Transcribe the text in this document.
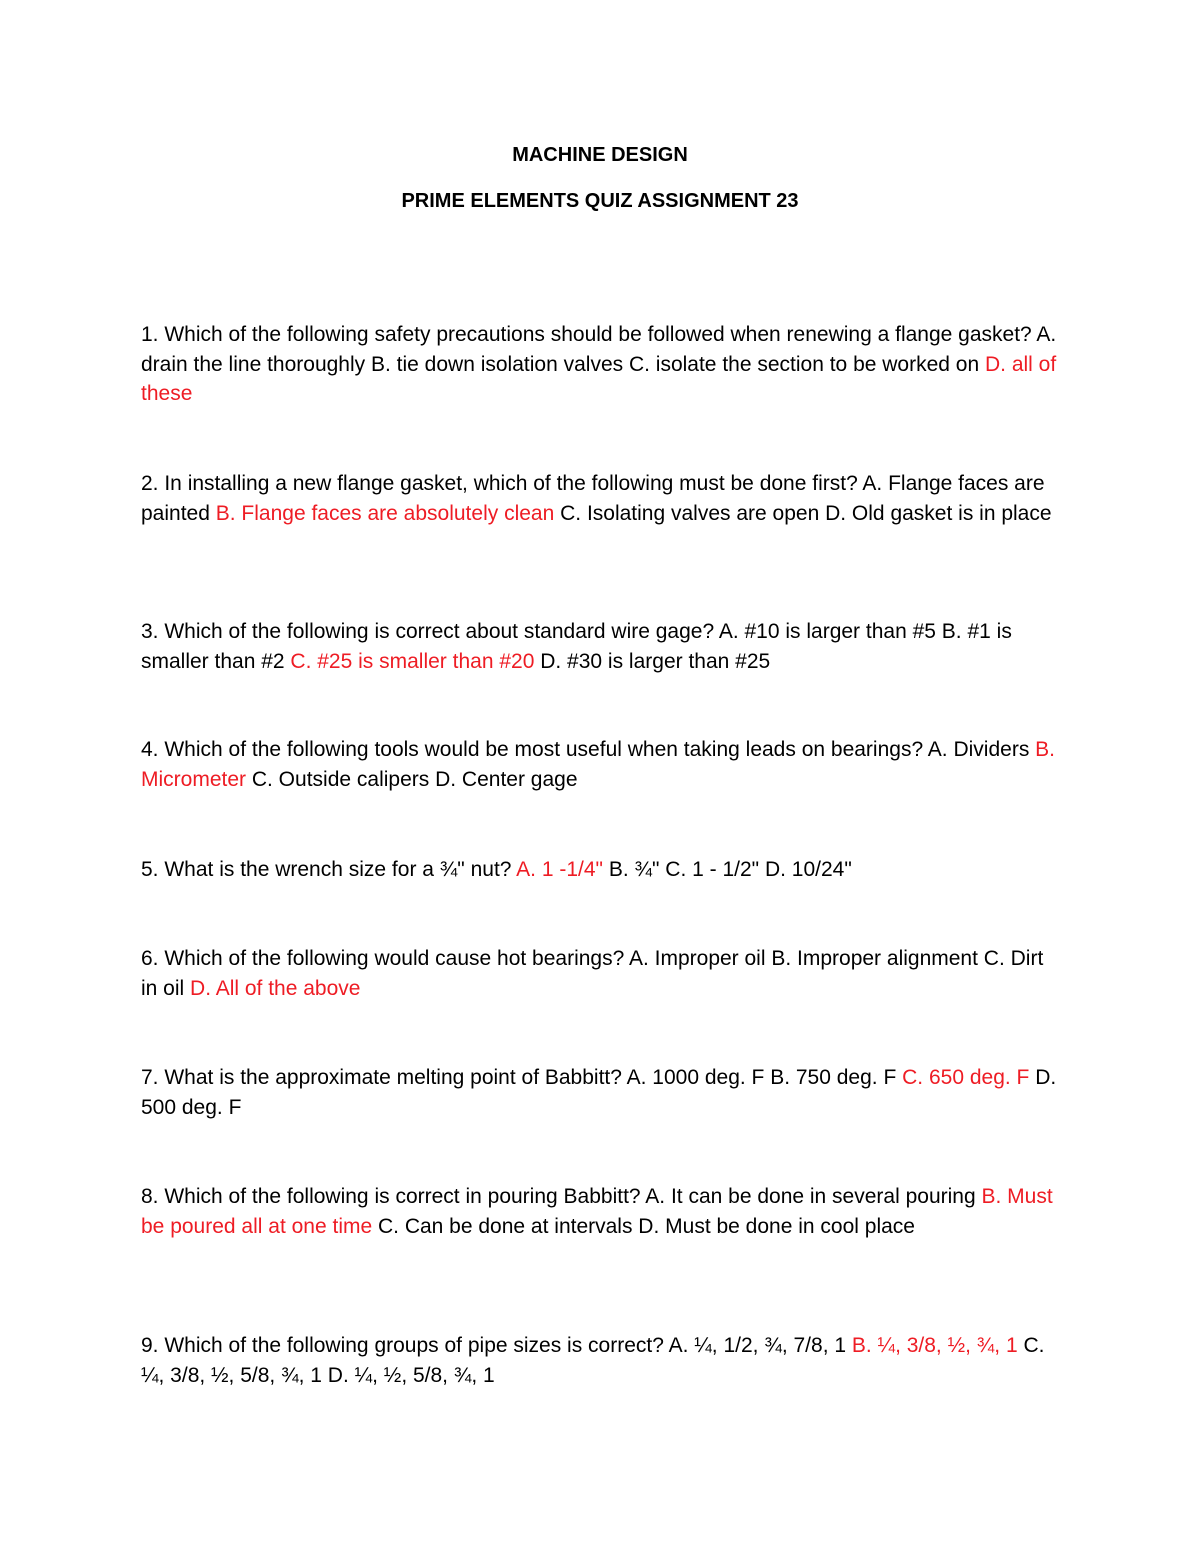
MACHINE DESIGN

PRIME ELEMENTS QUIZ ASSIGNMENT 23

1. Which of the following safety precautions should be followed when renewing a flange gasket? A. drain the line thoroughly B. tie down isolation valves C. isolate the section to be worked on D. all of these

2. In installing a new flange gasket, which of the following must be done first? A. Flange faces are painted B. Flange faces are absolutely clean C. Isolating valves are open D. Old gasket is in place

3. Which of the following is correct about standard wire gage? A. #10 is larger than #5 B. #1 is smaller than #2 C. #25 is smaller than #20 D. #30 is larger than #25

4. Which of the following tools would be most useful when taking leads on bearings? A. Dividers B. Micrometer C. Outside calipers D. Center gage

5. What is the wrench size for a ¾" nut? A. 1 -1/4" B. ¾" C. 1 - 1/2" D. 10/24"

6. Which of the following would cause hot bearings? A. Improper oil B. Improper alignment C. Dirt in oil D. All of the above

7. What is the approximate melting point of Babbitt? A. 1000 deg. F B. 750 deg. F C. 650 deg. F D. 500 deg. F

8. Which of the following is correct in pouring Babbitt? A. It can be done in several pouring B. Must be poured all at one time C. Can be done at intervals D. Must be done in cool place

9. Which of the following groups of pipe sizes is correct? A. ¼, 1/2, ¾, 7/8, 1 B. ¼, 3/8, ½, ¾, 1 C. ¼, 3/8, ½, 5/8, ¾, 1 D. ¼, ½, 5/8, ¾, 1
